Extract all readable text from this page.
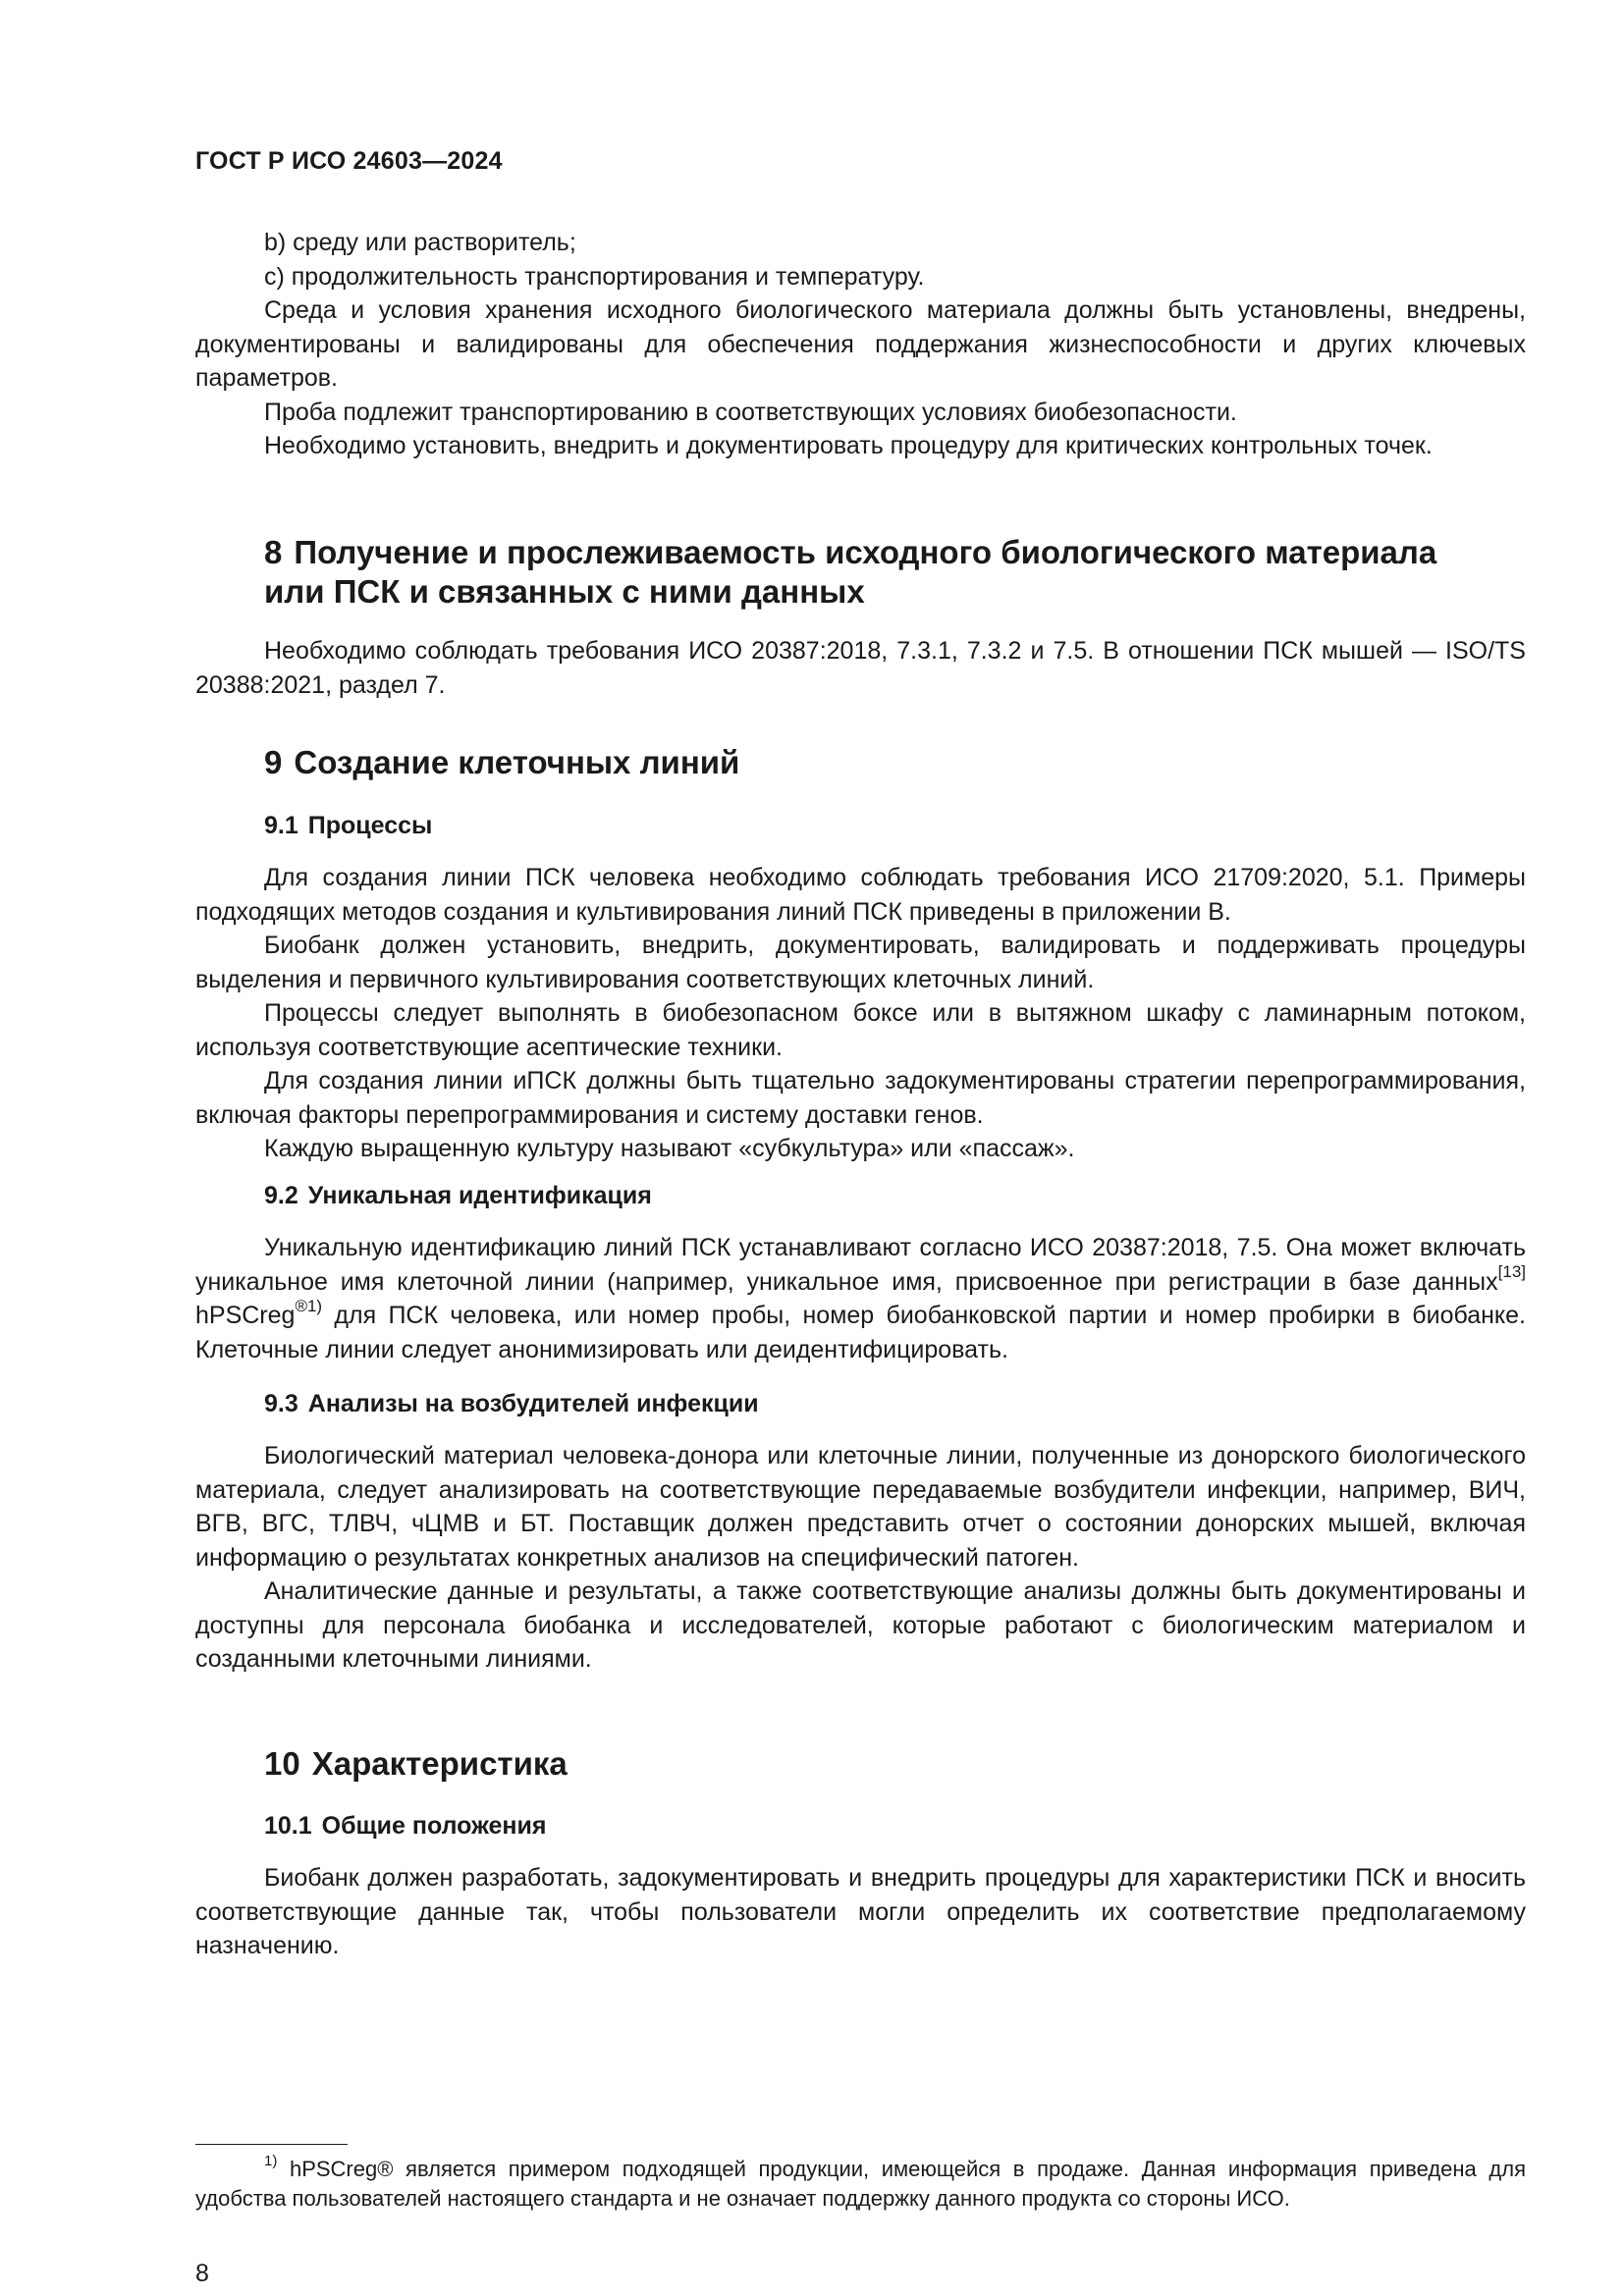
ГОСТ Р ИСО 24603—2024

b) среду или растворитель;

с) продолжительность транспортирования и температуру.

Среда и условия хранения исходного биологического материала должны быть установлены, внедрены, документированы и валидированы для обеспечения поддержания жизнеспособности и других ключевых параметров.

Проба подлежит транспортированию в соответствующих условиях биобезопасности.

Необходимо установить, внедрить и документировать процедуру для критических контрольных точек.

8 Получение и прослеживаемость исходного биологического материала
или ПСК и связанных с ними данных

Необходимо соблюдать требования ИСО 20387:2018, 7.3.1, 7.3.2 и 7.5. В отношении ПСК мышей — ISO/TS 20388:2021, раздел 7.

9 Создание клеточных линий
9.1 Процессы

Для создания линии ПСК человека необходимо соблюдать требования ИСО 21709:2020, 5.1. Примеры подходящих методов создания и культивирования линий ПСК приведены в приложении В.

Биобанк должен установить, внедрить, документировать, валидировать и поддерживать процедуры выделения и первичного культивирования соответствующих клеточных линий.

Процессы следует выполнять в биобезопасном боксе или в вытяжном шкафу с ламинарным потоком, используя соответствующие асептические техники.

Для создания линии иПСК должны быть тщательно задокументированы стратегии перепрограммирования, включая факторы перепрограммирования и систему доставки генов.

Каждую выращенную культуру называют «субкультура» или «пассаж».

9.2 Уникальная идентификация

Уникальную идентификацию линий ПСК устанавливают согласно ИСО 20387:2018, 7.5. Она может включать уникальное имя клеточной линии (например, уникальное имя, присвоенное при регистрации в базе данных[13] hPSCreg$^{®1)}$ для ПСК человека, или номер пробы, номер биобанковской партии и номер пробирки в биобанке. Клеточные линии следует анонимизировать или деидентифицировать.

9.3 Анализы на возбудителей инфекции

Биологический материал человека-донора или клеточные линии, полученные из донорского биологического материала, следует анализировать на соответствующие передаваемые возбудители инфекции, например, ВИЧ, ВГВ, ВГС, ТЛВЧ, чЦМВ и БТ. Поставщик должен представить отчет о состоянии донорских мышей, включая информацию о результатах конкретных анализов на специфический патоген.

Аналитические данные и результаты, а также соответствующие анализы должны быть документированы и доступны для персонала биобанка и исследователей, которые работают с биологическим материалом и созданными клеточными линиями.

10 Характеристика
10.1 Общие положения

Биобанк должен разработать, задокументировать и внедрить процедуры для характеристики ПСК и вносить соответствующие данные так, чтобы пользователи могли определить их соответствие предполагаемому назначению.

$^{1)}$ hPSCreg® является примером подходящей продукции, имеющейся в продаже. Данная информация приведена для удобства пользователей настоящего стандарта и не означает поддержку данного продукта со стороны ИСО.

8
